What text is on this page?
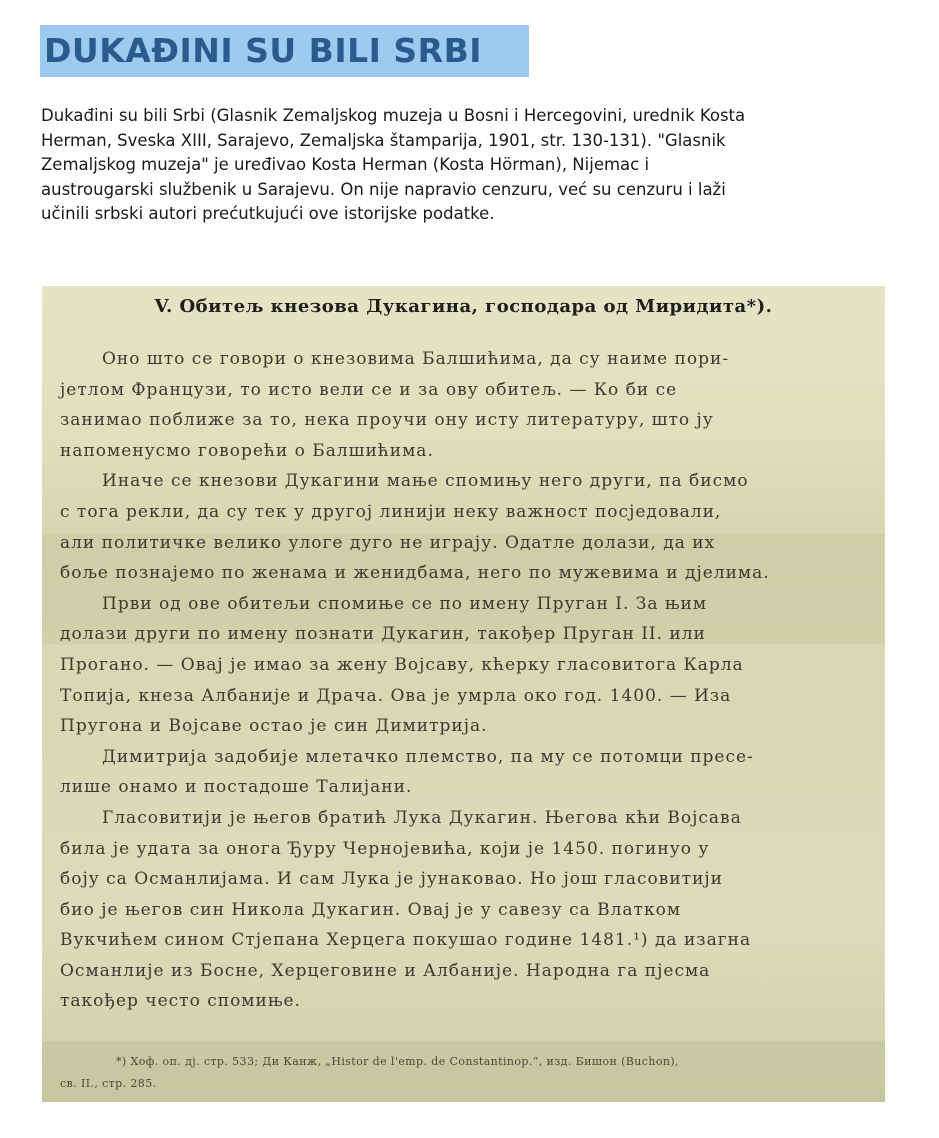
DUKAĐINI SU BILI SRBI
Dukađini su bili Srbi (Glasnik Zemaljskog muzeja u Bosni i Hercegovini, urednik Kosta
Herman, Sveska XIII, Sarajevo, Zemaljska štamparija, 1901, str. 130-131). "Glasnik
Zemaljskog muzeja" je uređivao Kosta Herman (Kosta Hörman), Nijemac i
austrougarski službenik u Sarajevu. On nije napravio cenzuru, već su cenzuru i laži
učinili srbski autori prećutkujući ove istorijske podatke.
V. Обитељ кнезова Дукагина, господара од Миридита*).
Оно што се говори о кнезовима Балшићима, да су наиме пори-
јетлом Французи, то исто вели се и за ову обитељ. — Ко би се
занимао поближе за то, нека проучи ону исту литературу, што ју
напоменусмо говорећи о Балшићима.
Иначе се кнезови Дукагини мање спомињу него други, па бисмо
с тога рекли, да су тек у другој линији неку важност посједовали,
али политичке велико улоге дуго не играју. Одатле долази, да их
боље познајемо по женама и женидбама, него по мужевима и дјелима.
Први од ове обитељи спомиње се по имену Пруган I. За њим
долази други по имену познати Дукагин, такођер Пруган II. или
Прогано. — Овај је имао за жену Војсаву, кћерку гласовитога Карла
Топија, кнеза Албаније и Драча. Ова је умрла око год. 1400. — Иза
Пругона и Војсаве остао је син Димитрија.
Димитрија задобије млетачко племство, па му се потомци пресе-
лише онамо и постадоше Талијани.
Гласовитији је његов братић Лука Дукагин. Његова кћи Војсава
била је удата за онога Ђуру Чернојевића, који је 1450. погинуо у
боју са Османлијама. И сам Лука је јунаковао. Но још гласовитији
био је његов син Никола Дукагин. Овај је у савезу са Влатком
Вукчићем сином Стјепана Херцега покушао године 1481.¹) да изагна
Османлије из Босне, Херцеговине и Албаније. Народна га пјесма
такођер често спомиње.
*) Хоф. оп. дј. стр. 533; Ди Канж, „Histor de l'emp. de Constantinop.“, изд. Бишон (Buchon),
св. II., стр. 285.
